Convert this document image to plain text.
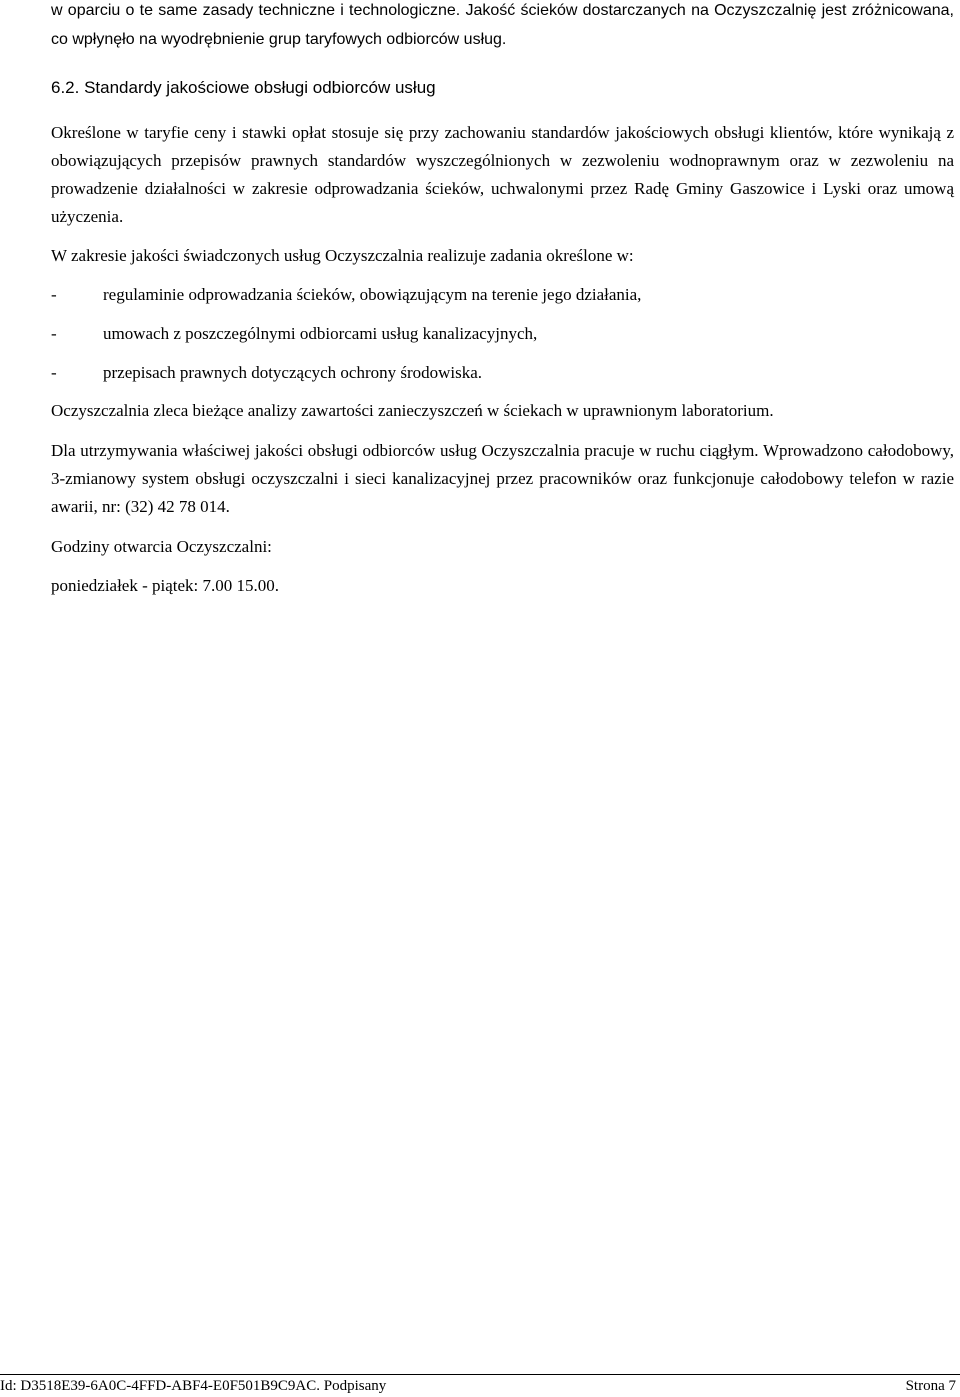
w oparciu o te same zasady techniczne i technologiczne. Jakość ścieków dostarczanych na Oczyszczalnię jest zróżnicowana, co wpłynęło na wyodrębnienie grup taryfowych odbiorców usług.

6.2. Standardy jakościowe obsługi odbiorców usług

Określone w taryfie ceny i stawki opłat stosuje się przy zachowaniu standardów jakościowych obsługi klientów, które wynikają z obowiązujących przepisów prawnych standardów wyszczególnionych w zezwoleniu wodnoprawnym oraz w zezwoleniu na prowadzenie działalności w zakresie odprowadzania ścieków, uchwalonymi przez Radę Gminy Gaszowice i Lyski oraz umową użyczenia.

W zakresie jakości świadczonych usług Oczyszczalnia realizuje zadania określone w:

-	regulaminie odprowadzania ścieków, obowiązującym na terenie jego działania,
-	umowach z poszczególnymi odbiorcami usług kanalizacyjnych,
-	przepisach prawnych dotyczących ochrony środowiska.

Oczyszczalnia zleca bieżące analizy zawartości zanieczyszczeń w ściekach w uprawnionym laboratorium.

Dla utrzymywania właściwej jakości obsługi odbiorców usług Oczyszczalnia pracuje w ruchu ciągłym. Wprowadzono całodobowy, 3-zmianowy system obsługi oczyszczalni i sieci kanalizacyjnej przez pracowników oraz funkcjonuje całodobowy telefon w razie awarii, nr: (32) 42 78 014.

Godziny otwarcia Oczyszczalni:

poniedziałek - piątek: 7.00 15.00.

Id: D3518E39-6A0C-4FFD-ABF4-E0F501B9C9AC. Podpisany	Strona 7
